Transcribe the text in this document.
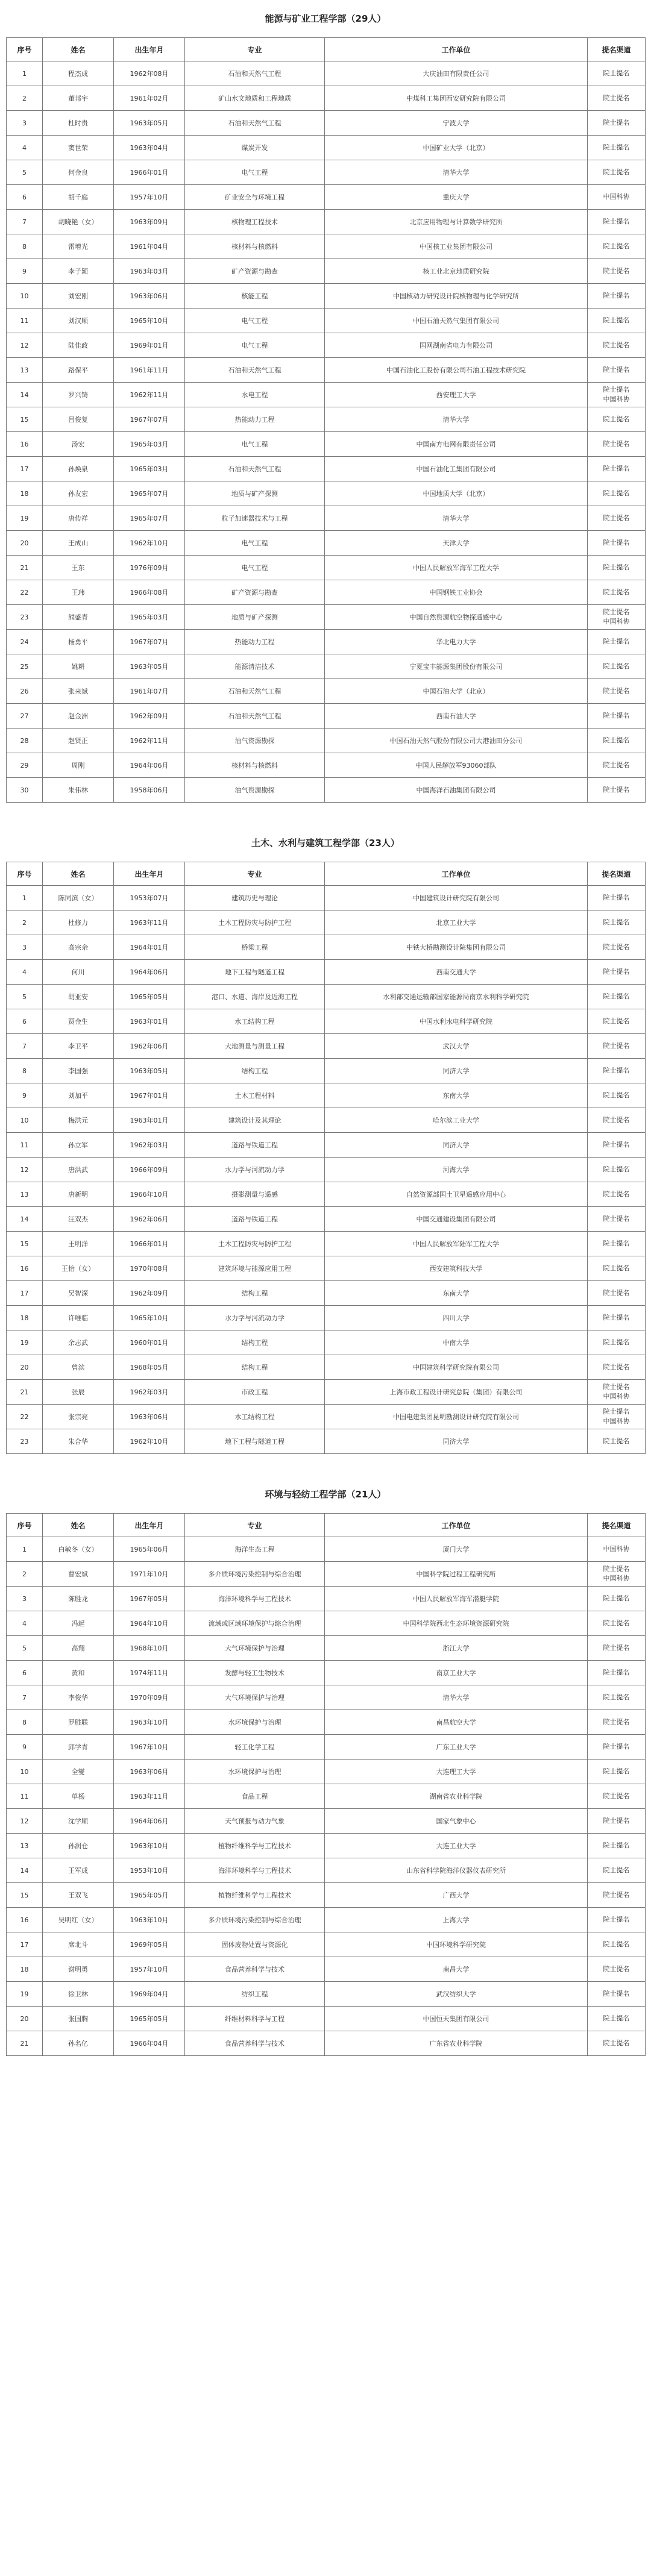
能源与矿业工程学部（29人）
序号	姓名	出生年月	专业	工作单位	提名渠道
1	程杰成	1962年08月	石油和天然气工程	大庆油田有限责任公司	院士提名
2	董邦宇	1961年02月	矿山水文地质和工程地质	中煤科工集团西安研究院有限公司	院士提名
3	杜时贵	1963年05月	石油和天然气工程	宁波大学	院士提名
4	窦世荣	1963年04月	煤炭开发	中国矿业大学（北京）	院士提名
5	何金良	1966年01月	电气工程	清华大学	院士提名
6	胡千庭	1957年10月	矿业安全与环境工程	重庆大学	中国科协
7	胡晓艳（女）	1963年09月	核物理工程技术	北京应用物理与计算数学研究所	院士提名
8	雷增光	1961年04月	核材料与核燃料	中国核工业集团有限公司	院士提名
9	李子颖	1963年03月	矿产资源与勘查	核工业北京地质研究院	院士提名
10	刘宏刚	1963年06月	核能工程	中国核动力研究设计院核物理与化学研究所	院士提名
11	刘汉顺	1965年10月	电气工程	中国石油天然气集团有限公司	院士提名
12	陆佳政	1969年01月	电气工程	国网湖南省电力有限公司	院士提名
13	路保平	1961年11月	石油和天然气工程	中国石油化工股份有限公司石油工程技术研究院	院士提名
14	罗兴锜	1962年11月	水电工程	西安理工大学	院士提名
中国科协
15	吕俊复	1967年07月	热能动力工程	清华大学	院士提名
16	汤宏	1965年03月	电气工程	中国南方电网有限责任公司	院士提名
17	孙焕泉	1965年03月	石油和天然气工程	中国石油化工集团有限公司	院士提名
18	孙友宏	1965年07月	地质与矿产探测	中国地质大学（北京）	院士提名
19	唐传祥	1965年07月	粒子加速器技术与工程	清华大学	院士提名
20	王成山	1962年10月	电气工程	天津大学	院士提名
21	王东	1976年09月	电气工程	中国人民解放军海军工程大学	院士提名
22	王玮	1966年08月	矿产资源与勘查	中国钢铁工业协会	院士提名
23	熊盛青	1965年03月	地质与矿产探测	中国自然资源航空物探遥感中心	院士提名
中国科协
24	杨勇平	1967年07月	热能动力工程	华北电力大学	院士提名
25	姚耕	1963年05月	能源清洁技术	宁夏宝丰能源集团股份有限公司	院士提名
26	张来斌	1961年07月	石油和天然气工程	中国石油大学（北京）	院士提名
27	赵金洲	1962年09月	石油和天然气工程	西南石油大学	院士提名
28	赵贤正	1962年11月	油气资源勘探	中国石油天然气股份有限公司大港油田分公司	院士提名
29	周刚	1964年06月	核材料与核燃料	中国人民解放军93060部队	院士提名
30	朱伟林	1958年06月	油气资源勘探	中国海洋石油集团有限公司	院士提名
土木、水利与建筑工程学部（23人）
序号	姓名	出生年月	专业	工作单位	提名渠道
1	陈同滨（女）	1953年07月	建筑历史与理论	中国建筑设计研究院有限公司	院士提名
2	杜修力	1963年11月	土木工程防灾与防护工程	北京工业大学	院士提名
3	高宗余	1964年01月	桥梁工程	中铁大桥勘测设计院集团有限公司	院士提名
4	何川	1964年06月	地下工程与隧道工程	西南交通大学	院士提名
5	胡亚安	1965年05月	港口、水道、海岸及近海工程	水利部交通运输部国家能源局南京水利科学研究院	院士提名
6	贾金生	1963年01月	水工结构工程	中国水利水电科学研究院	院士提名
7	李卫平	1962年06月	大地测量与测量工程	武汉大学	院士提名
8	李国强	1963年05月	结构工程	同济大学	院士提名
9	刘加平	1967年01月	土木工程材料	东南大学	院士提名
10	梅洪元	1963年01月	建筑设计及其理论	哈尔滨工业大学	院士提名
11	孙立军	1962年03月	道路与铁道工程	同济大学	院士提名
12	唐洪武	1966年09月	水力学与河流动力学	河海大学	院士提名
13	唐新明	1966年10月	摄影测量与遥感	自然资源部国土卫星遥感应用中心	院士提名
14	汪双杰	1962年06月	道路与铁道工程	中国交通建设集团有限公司	院士提名
15	王明洋	1966年01月	土木工程防灾与防护工程	中国人民解放军陆军工程大学	院士提名
16	王怡（女）	1970年08月	建筑环境与能源应用工程	西安建筑科技大学	院士提名
17	吴智深	1962年09月	结构工程	东南大学	院士提名
18	许唯临	1965年10月	水力学与河流动力学	四川大学	院士提名
19	余志武	1960年01月	结构工程	中南大学	院士提名
20	曾滨	1968年05月	结构工程	中国建筑科学研究院有限公司	院士提名
21	张辰	1962年03月	市政工程	上海市政工程设计研究总院（集团）有限公司	院士提名
中国科协
22	张宗亮	1963年06月	水工结构工程	中国电建集团昆明勘测设计研究院有限公司	院士提名
中国科协
23	朱合华	1962年10月	地下工程与隧道工程	同济大学	院士提名
环境与轻纺工程学部（21人）
序号	姓名	出生年月	专业	工作单位	提名渠道
1	白敏冬（女）	1965年06月	海洋生态工程	厦门大学	中国科协
2	曹宏斌	1971年10月	多介质环境污染控制与综合治理	中国科学院过程工程研究所	院士提名
中国科协
3	陈胜龙	1967年05月	海洋环境科学与工程技术	中国人民解放军海军潜艇学院	院士提名
4	冯起	1964年10月	流域或区域环境保护与综合治理	中国科学院西北生态环境资源研究院	院士提名
5	高翔	1968年10月	大气环境保护与治理	浙江大学	院士提名
6	黄和	1974年11月	发酵与轻工生物技术	南京工业大学	院士提名
7	李俊华	1970年09月	大气环境保护与治理	清华大学	院士提名
8	罗胜联	1963年10月	水环境保护与治理	南昌航空大学	院士提名
9	邱学青	1967年10月	轻工化学工程	广东工业大学	院士提名
10	全燮	1963年06月	水环境保护与治理	大连理工大学	院士提名
11	单杨	1963年11月	食品工程	湖南省农业科学院	院士提名
12	沈学顺	1964年06月	天气预报与动力气象	国家气象中心	院士提名
13	孙润仓	1963年10月	植物纤维科学与工程技术	大连工业大学	院士提名
14	王军成	1953年10月	海洋环境科学与工程技术	山东省科学院海洋仪器仪表研究所	院士提名
15	王双飞	1965年05月	植物纤维科学与工程技术	广西大学	院士提名
16	吴明红（女）	1963年10月	多介质环境污染控制与综合治理	上海大学	院士提名
17	席北斗	1969年05月	固体废物处置与资源化	中国环境科学研究院	院士提名
18	谢明勇	1957年10月	食品营养科学与技术	南昌大学	院士提名
19	徐卫林	1969年04月	纺织工程	武汉纺织大学	院士提名
20	张国胸	1965年05月	纤维材料科学与工程	中国恒天集团有限公司	院士提名
21	孙名亿	1966年04月	食品营养科学与技术	广东省农业科学院	院士提名
